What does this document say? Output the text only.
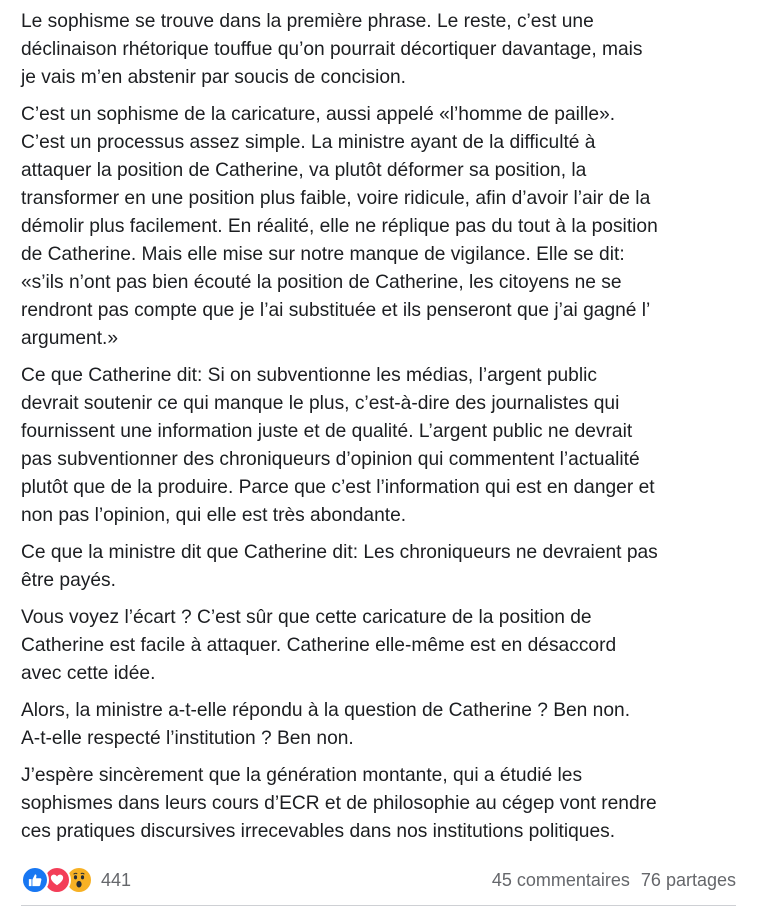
Le sophisme se trouve dans la première phrase. Le reste, c’est une
déclinaison rhétorique touffue qu’on pourrait décortiquer davantage, mais
je vais m’en abstenir par soucis de concision.

C’est un sophisme de la caricature, aussi appelé «l’homme de paille».
C’est un processus assez simple. La ministre ayant de la difficulté à
attaquer la position de Catherine, va plutôt déformer sa position, la
transformer en une position plus faible, voire ridicule, afin d’avoir l’air de la
démolir plus facilement. En réalité, elle ne réplique pas du tout à la position
de Catherine. Mais elle mise sur notre manque de vigilance. Elle se dit:
«s’ils n’ont pas bien écouté la position de Catherine, les citoyens ne se
rendront pas compte que je l’ai substituée et ils penseront que j’ai gagné l’
argument.»

Ce que Catherine dit: Si on subventionne les médias, l’argent public
devrait soutenir ce qui manque le plus, c’est-à-dire des journalistes qui
fournissent une information juste et de qualité. L’argent public ne devrait
pas subventionner des chroniqueurs d’opinion qui commentent l’actualité
plutôt que de la produire. Parce que c’est l’information qui est en danger et
non pas l’opinion, qui elle est très abondante.

Ce que la ministre dit que Catherine dit: Les chroniqueurs ne devraient pas
être payés.

Vous voyez l’écart ? C’est sûr que cette caricature de la position de
Catherine est facile à attaquer. Catherine elle-même est en désaccord
avec cette idée.

Alors, la ministre a-t-elle répondu à la question de Catherine ? Ben non.
A-t-elle respecté l’institution ? Ben non.

J’espère sincèrement que la génération montante, qui a étudié les
sophismes dans leurs cours d’ECR et de philosophie au cégep vont rendre
ces pratiques discursives irrecevables dans nos institutions politiques.

441	45 commentaires 76 partages
